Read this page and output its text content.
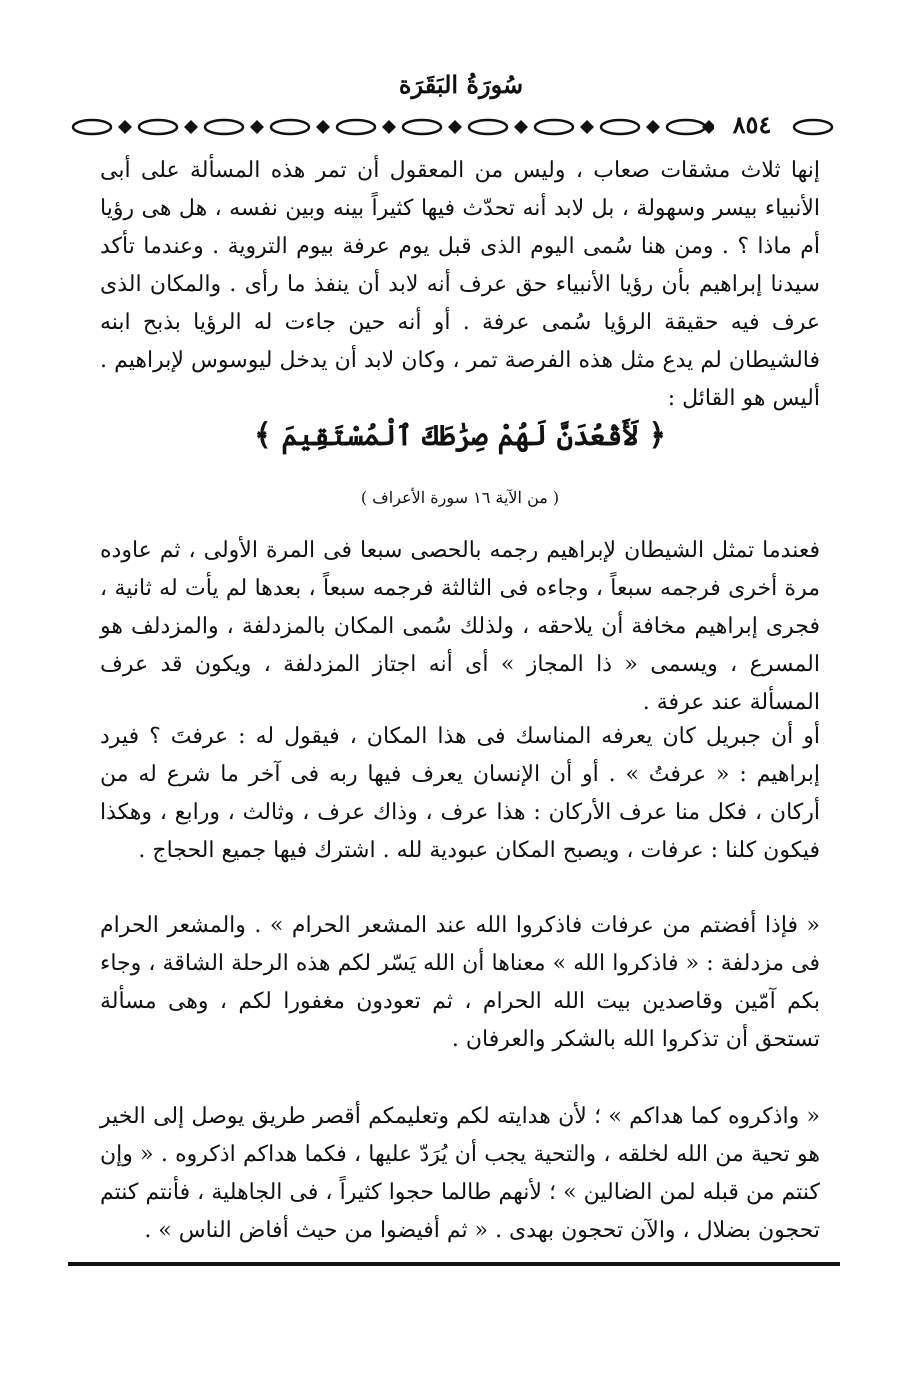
سُورَةُ البَقَرَة
٨٥٤

إنها ثلاث مشقات صعاب ، وليس من المعقول أن تمر هذه المسألة على أبى الأنبياء بيسر وسهولة ، بل لابد أنه تحدّث فيها كثيراً بينه وبين نفسه ، هل هى رؤيا أم ماذا ؟ . ومن هنا سُمى اليوم الذى قبل يوم عرفة بيوم التروية . وعندما تأكد سيدنا إبراهيم بأن رؤيا الأنبياء حق عرف أنه لابد أن ينفذ ما رأى . والمكان الذى عرف فيه حقيقة الرؤيا سُمى عرفة . أو أنه حين جاءت له الرؤيا بذبح ابنه فالشيطان لم يدع مثل هذه الفرصة تمر ، وكان لابد أن يدخل ليوسوس لإبراهيم . أليس هو القائل :

﴿ لَأَقْعُدَنَّ لَهُمْ صِرَٰطَكَ ٱلْمُسْتَقِيمَ ﴾
( من الآية ١٦ سورة الأعراف )

فعندما تمثل الشيطان لإبراهيم رجمه بالحصى سبعا فى المرة الأولى ، ثم عاوده مرة أخرى فرجمه سبعاً ، وجاءه فى الثالثة فرجمه سبعاً ، بعدها لم يأت له ثانية ، فجرى إبراهيم مخافة أن يلاحقه ، ولذلك سُمى المكان بالمزدلفة ، والمزدلف هو المسرع ، ويسمى « ذا المجاز » أى أنه اجتاز المزدلفة ، ويكون قد عرف المسألة عند عرفة .

أو أن جبريل كان يعرفه المناسك فى هذا المكان ، فيقول له : عرفتَ ؟ فيرد إبراهيم : « عرفتُ » . أو أن الإنسان يعرف فيها ربه فى آخر ما شرع له من أركان ، فكل منا عرف الأركان : هذا عرف ، وذاك عرف ، وثالث ، ورابع ، وهكذا فيكون كلنا : عرفات ، ويصبح المكان عبودية لله . اشترك فيها جميع الحجاج .

« فإذا أفضتم من عرفات فاذكروا الله عند المشعر الحرام » . والمشعر الحرام فى مزدلفة : « فاذكروا الله » معناها أن الله يَسّر لكم هذه الرحلة الشاقة ، وجاء بكم آمّين وقاصدين بيت الله الحرام ، ثم تعودون مغفورا لكم ، وهى مسألة تستحق أن تذكروا الله بالشكر والعرفان .

« واذكروه كما هداكم » ؛ لأن هدايته لكم وتعليمكم أقصر طريق يوصل إلى الخير هو تحية من الله لخلقه ، والتحية يجب أن يُرَدّ عليها ، فكما هداكم اذكروه . « وإن كنتم من قبله لمن الضالين » ؛ لأنهم طالما حجوا كثيراً ، فى الجاهلية ، فأنتم كنتم تحجون بضلال ، والآن تحجون بهدى . « ثم أفيضوا من حيث أفاض الناس » .
